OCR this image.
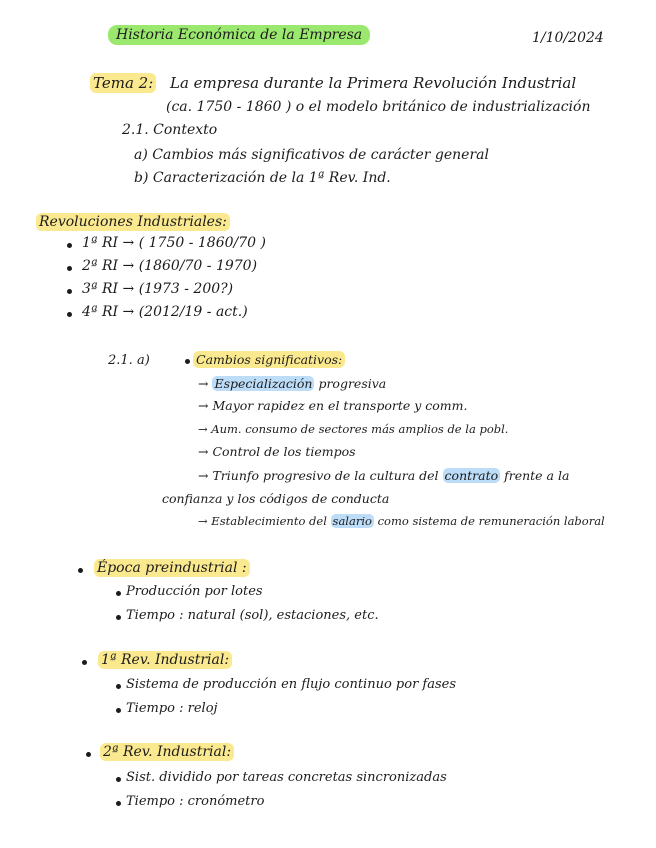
Historia Económica de la Empresa	1/10/2024
Tema 2: La empresa durante la Primera Revolución Industrial
(ca. 1750 - 1860 ) o el modelo británico de industrialización
2.1. Contexto
a) Cambios más significativos de carácter general
b) Caracterización de la 1ª Rev. Ind.
Revoluciones Industriales:
1ª RI → ( 1750 - 1860/70 )
2ª RI → (1860/70 - 1970)
3ª RI → (1973 - 200?)
4ª RI → (2012/19 - act.)
2.1. a)	Cambios significativos:
→ Especialización progresiva
→ Mayor rapidez en el transporte y comm.
→ Aum. consumo de sectores más amplios de la pobl.
→ Control de los tiempos
→ Triunfo progresivo de la cultura del contrato frente a la
confianza y los códigos de conducta
→ Establecimiento del salario como sistema de remuneración laboral
Época preindustrial :
Producción por lotes
Tiempo : natural (sol), estaciones, etc.
1ª Rev. Industrial:
Sistema de producción en flujo continuo por fases
Tiempo : reloj
2ª Rev. Industrial:
Sist. dividido por tareas concretas sincronizadas
Tiempo : cronómetro
